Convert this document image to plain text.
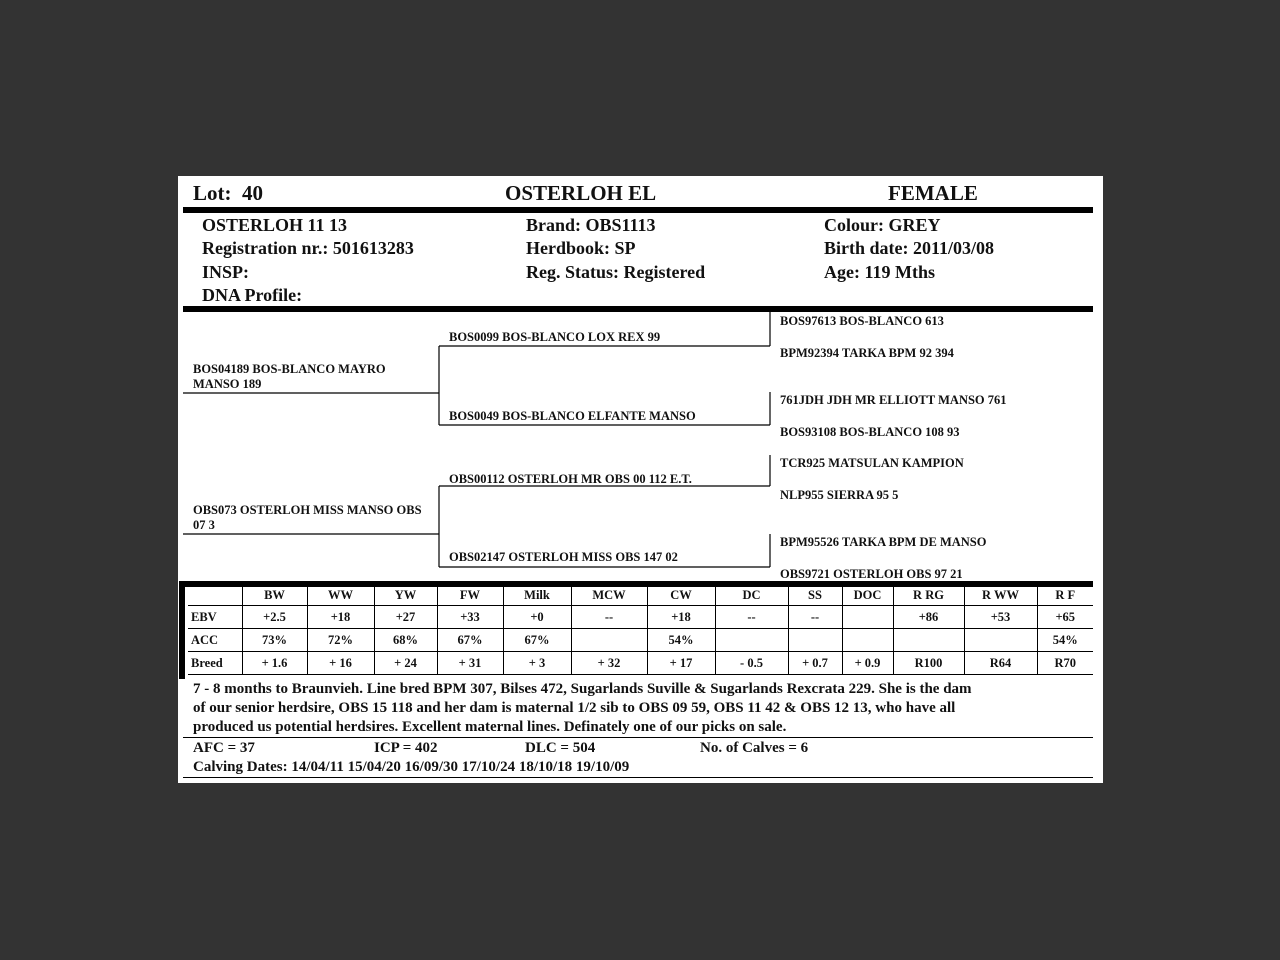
Lot: 40	OSTERLOH EL	FEMALE
OSTERLOH 11 13
Registration nr.: 501613283
INSP:
DNA Profile:
Brand: OBS1113
Herdbook: SP
Reg. Status: Registered
Colour: GREY
Birth date: 2011/03/08
Age: 119 Mths
BOS04189 BOS-BLANCO MAYRO MANSO 189
OBS073 OSTERLOH MISS MANSO OBS 07 3
BOS0099 BOS-BLANCO LOX REX 99
BOS0049 BOS-BLANCO ELFANTE MANSO
OBS00112 OSTERLOH MR OBS 00 112 E.T.
OBS02147 OSTERLOH MISS OBS 147 02
BOS97613 BOS-BLANCO 613
BPM92394 TARKA BPM 92 394
761JDH JDH MR ELLIOTT MANSO 761
BOS93108 BOS-BLANCO 108 93
TCR925 MATSULAN KAMPION
NLP955 SIERRA 95 5
BPM95526 TARKA BPM DE MANSO
OBS9721 OSTERLOH OBS 97 21
	BW	WW	YW	FW	Milk	MCW	CW	DC	SS	DOC	R RG	R WW	R F
EBV	+2.5	+18	+27	+33	+0	--	+18	--	--		+86	+53	+65
ACC	73%	72%	68%	67%	67%		54%						54%
Breed	+ 1.6	+ 16	+ 24	+ 31	+ 3	+ 32	+ 17	- 0.5	+ 0.7	+ 0.9	R100	R64	R70
7 - 8 months to Braunvieh. Line bred BPM 307, Bilses 472, Sugarlands Suville & Sugarlands Rexcrata 229. She is the dam
of our senior herdsire, OBS 15 118 and her dam is maternal 1/2 sib to OBS 09 59, OBS 11 42 & OBS 12 13, who have all
produced us potential herdsires. Excellent maternal lines. Definately one of our picks on sale.
AFC = 37	ICP = 402	DLC = 504	No. of Calves = 6
Calving Dates: 14/04/11 15/04/20 16/09/30 17/10/24 18/10/18 19/10/09
